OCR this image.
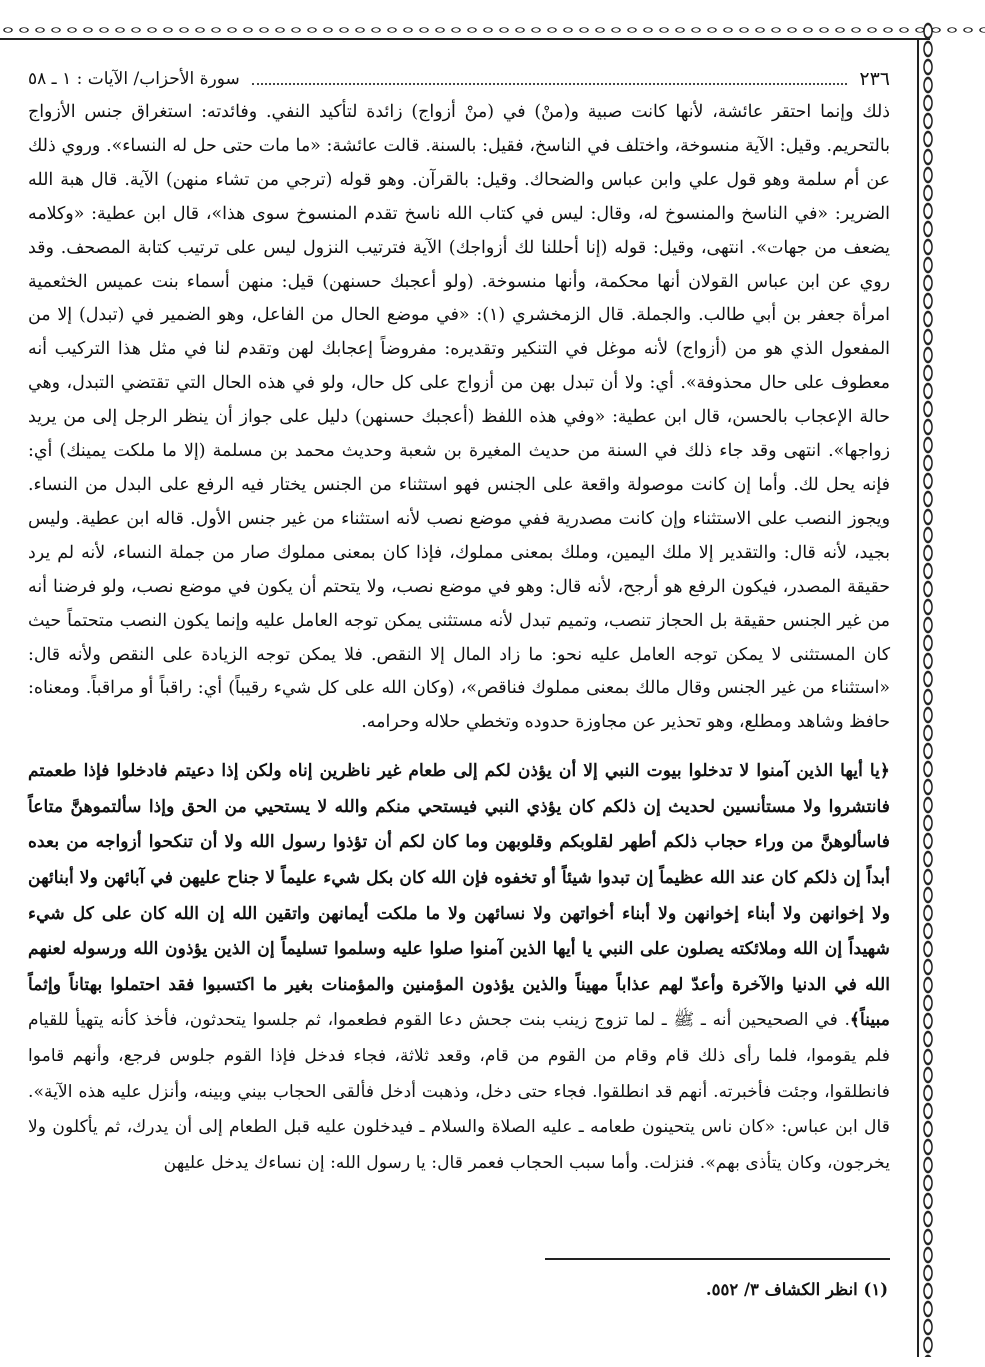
٢٣٦
سورة الأحزاب/ الآيات : ١ ـ ٥٨

ذلك وإنما احتقر عائشة، لأنها كانت صبية و(منْ) في (منْ أزواج) زائدة لتأكيد النفي. وفائدته: استغراق جنس الأزواج بالتحريم. وقيل: الآية منسوخة، واختلف في الناسخ، فقيل: بالسنة. قالت عائشة: «ما مات حتى حل له النساء». وروي ذلك عن أم سلمة وهو قول علي وابن عباس والضحاك. وقيل: بالقرآن. وهو قوله (ترجي من تشاء منهن) الآية. قال هبة الله الضرير: «في الناسخ والمنسوخ له، وقال: ليس في كتاب الله ناسخ تقدم المنسوخ سوى هذا»، قال ابن عطية: «وكلامه يضعف من جهات». انتهى، وقيل: قوله (إنا أحللنا لك أزواجك) الآية فترتيب النزول ليس على ترتيب كتابة المصحف. وقد روي عن ابن عباس القولان أنها محكمة، وأنها منسوخة. (ولو أعجبك حسنهن) قيل: منهن أسماء بنت عميس الخثعمية امرأة جعفر بن أبي طالب. والجملة. قال الزمخشري (١): «في موضع الحال من الفاعل، وهو الضمير في (تبدل) إلا من المفعول الذي هو من (أزواج) لأنه موغل في التنكير وتقديره: مفروضاً إعجابك لهن وتقدم لنا في مثل هذا التركيب أنه معطوف على حال محذوفة». أي: ولا أن تبدل بهن من أزواج على كل حال، ولو في هذه الحال التي تقتضي التبدل، وهي حالة الإعجاب بالحسن، قال ابن عطية: «وفي هذه اللفظ (أعجبك حسنهن) دليل على جواز أن ينظر الرجل إلى من يريد زواجها». انتهى وقد جاء ذلك في السنة من حديث المغيرة بن شعبة وحديث محمد بن مسلمة (إلا ما ملكت يمينك) أي: فإنه يحل لك. وأما إن كانت موصولة واقعة على الجنس فهو استثناء من الجنس يختار فيه الرفع على البدل من النساء. ويجوز النصب على الاستثناء وإن كانت مصدرية ففي موضع نصب لأنه استثناء من غير جنس الأول. قاله ابن عطية. وليس بجيد، لأنه قال: والتقدير إلا ملك اليمين، وملك بمعنى مملوك، فإذا كان بمعنى مملوك صار من جملة النساء، لأنه لم يرد حقيقة المصدر، فيكون الرفع هو أرجح، لأنه قال: وهو في موضع نصب، ولا يتحتم أن يكون في موضع نصب، ولو فرضنا أنه من غير الجنس حقيقة بل الحجاز تنصب، وتميم تبدل لأنه مستثنى يمكن توجه العامل عليه وإنما يكون النصب متحتماً حيث كان المستثنى لا يمكن توجه العامل عليه نحو: ما زاد المال إلا النقص. فلا يمكن توجه الزيادة على النقص ولأنه قال: «استثناء من غير الجنس وقال مالك بمعنى مملوك فناقص»، (وكان الله على كل شيء رقيباً) أي: راقباً أو مراقباً. ومعناه: حافظ وشاهد ومطلع، وهو تحذير عن مجاوزة حدوده وتخطي حلاله وحرامه.

﴿يا أيها الذين آمنوا لا تدخلوا بيوت النبي إلا أن يؤذن لكم إلى طعام غير ناظرين إناه ولكن إذا دعيتم فادخلوا فإذا طعمتم فانتشروا ولا مستأنسين لحديث إن ذلكم كان يؤذي النبي فيستحي منكم والله لا يستحيي من الحق وإذا سألتموهنَّ متاعاً فاسألوهنَّ من وراء حجاب ذلكم أطهر لقلوبكم وقلوبهن وما كان لكم أن تؤذوا رسول الله ولا أن تنكحوا أزواجه من بعده أبداً إن ذلكم كان عند الله عظيماً إن تبدوا شيئاً أو تخفوه فإن الله كان بكل شيء عليماً لا جناح عليهن في آبائهن ولا أبنائهن ولا إخوانهن ولا أبناء إخوانهن ولا أبناء أخواتهن ولا نسائهن ولا ما ملكت أيمانهن واتقين الله إن الله كان على كل شيء شهيداً إن الله وملائكته يصلون على النبي يا أيها الذين آمنوا صلوا عليه وسلموا تسليماً إن الذين يؤذون الله ورسوله لعنهم الله في الدنيا والآخرة وأعدّ لهم عذاباً مهيناً والذين يؤذون المؤمنين والمؤمنات بغير ما اكتسبوا فقد احتملوا بهتاناً وإثماً مبيناً﴾. في الصحيحين أنه ـ ﷺ ـ لما تزوج زينب بنت جحش دعا القوم فطعموا، ثم جلسوا يتحدثون، فأخذ كأنه يتهيأ للقيام فلم يقوموا، فلما رأى ذلك قام وقام من القوم من قام، وقعد ثلاثة، فجاء فدخل فإذا القوم جلوس فرجع، وأنهم قاموا فانطلقوا، وجئت فأخبرته. أنهم قد انطلقوا. فجاء حتى دخل، وذهبت أدخل فألقى الحجاب بيني وبينه، وأنزل عليه هذه الآية». قال ابن عباس: «كان ناس يتحينون طعامه ـ عليه الصلاة والسلام ـ فيدخلون عليه قبل الطعام إلى أن يدرك، ثم يأكلون ولا يخرجون، وكان يتأذى بهم». فنزلت. وأما سبب الحجاب فعمر قال: يا رسول الله: إن نساءك يدخل عليهن

(١) انظر الكشاف ٣/ ٥٥٢.
